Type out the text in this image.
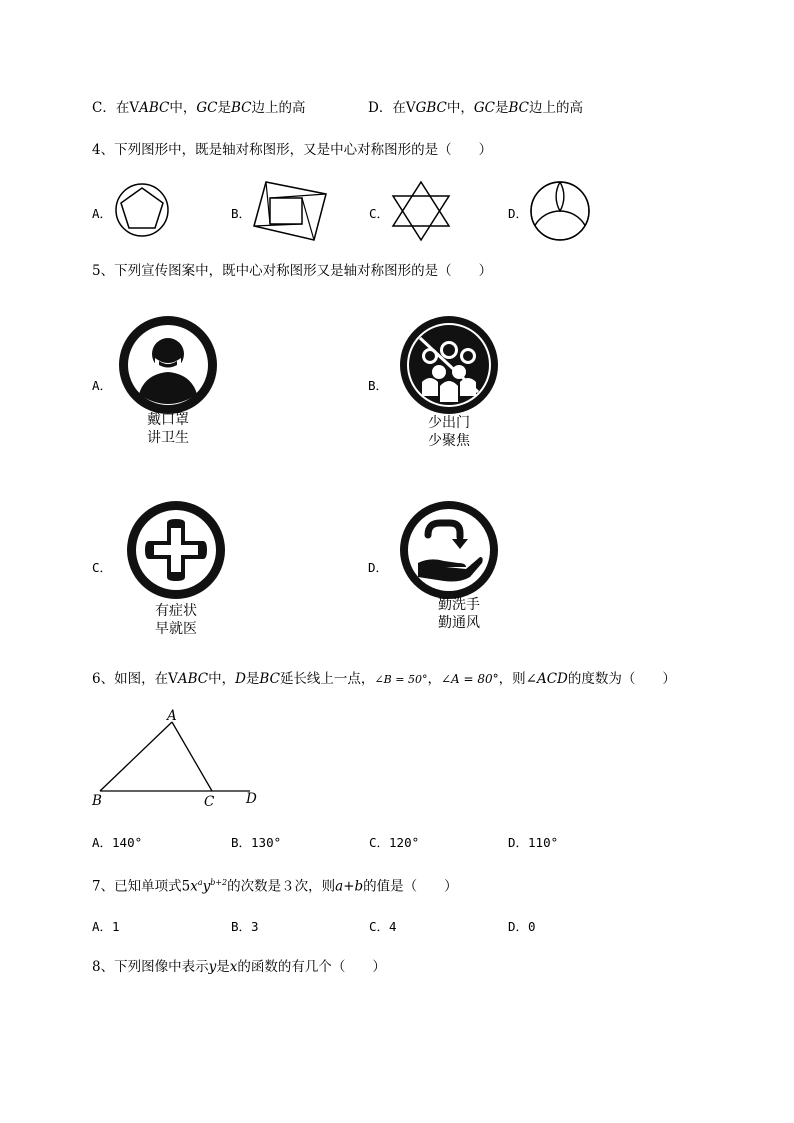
C．在VABC中，GC是BC边上的高	D．在VGBC中，GC是BC边上的高
4、下列图形中，既是轴对称图形，又是中心对称图形的是（　　）
A．	B．	C．	D．
5、下列宣传图案中，既中心对称图形又是轴对称图形的是（　　）
A．
戴口罩
讲卫生
B．
少出门
少聚焦
C．
有症状
早就医
D．
勤洗手
勤通风
6、如图，在VABC中，D是BC延长线上一点，∠B = 50°，∠A = 80°，则∠ACD的度数为（　　）
A
B	C D
A．140°	B．130°	C．120°	D．110°
7、已知单项式$5x^ay^{b+2}$的次数是３次，则a+b的值是（　　）
A．1	B．3	C．4	D．0
8、下列图像中表示y是x的函数的有几个（　　）
